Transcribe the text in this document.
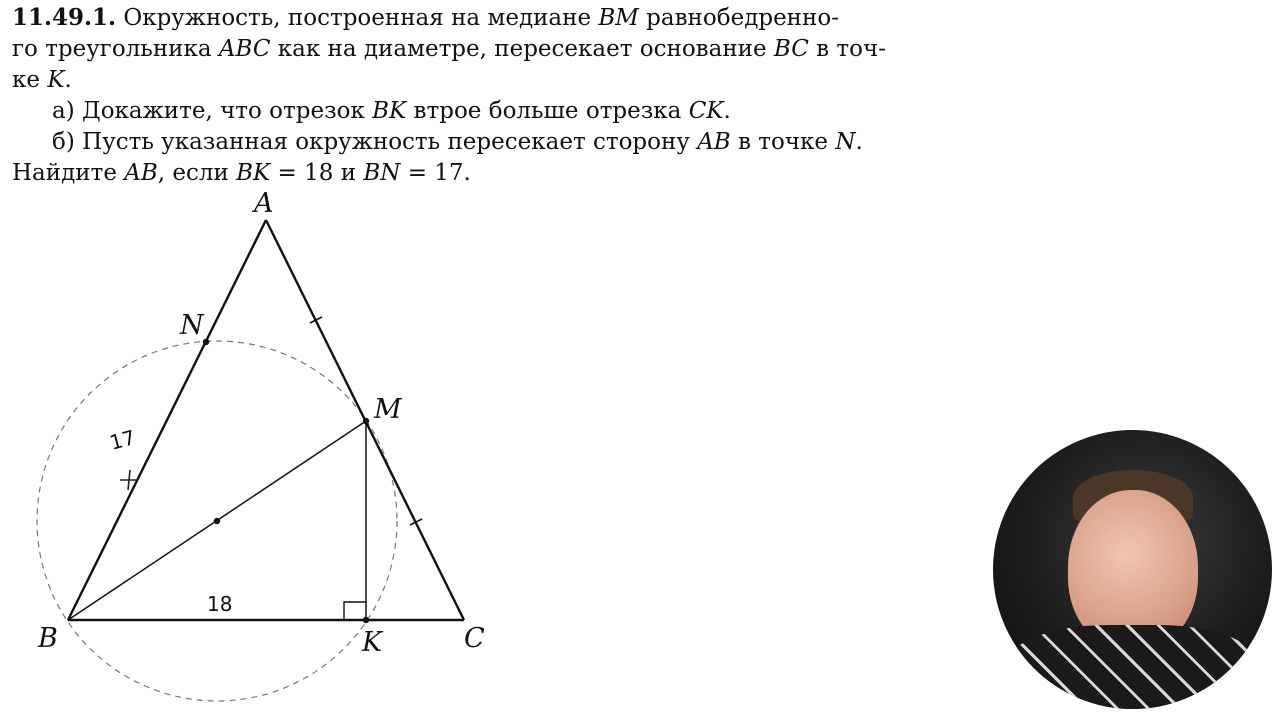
11.49.1. Окружность, построенная на медиане BM равнобедренно-
го треугольника ABC как на диаметре, пересекает основание BC в точ-
ке K.
а) Докажите, что отрезок BK втрое больше отрезка CK.
б) Пусть указанная окружность пересекает сторону AB в точке N.
Найдите AB, если BK = 18 и BN = 17.
A
B	C
M
N
K
17
18
